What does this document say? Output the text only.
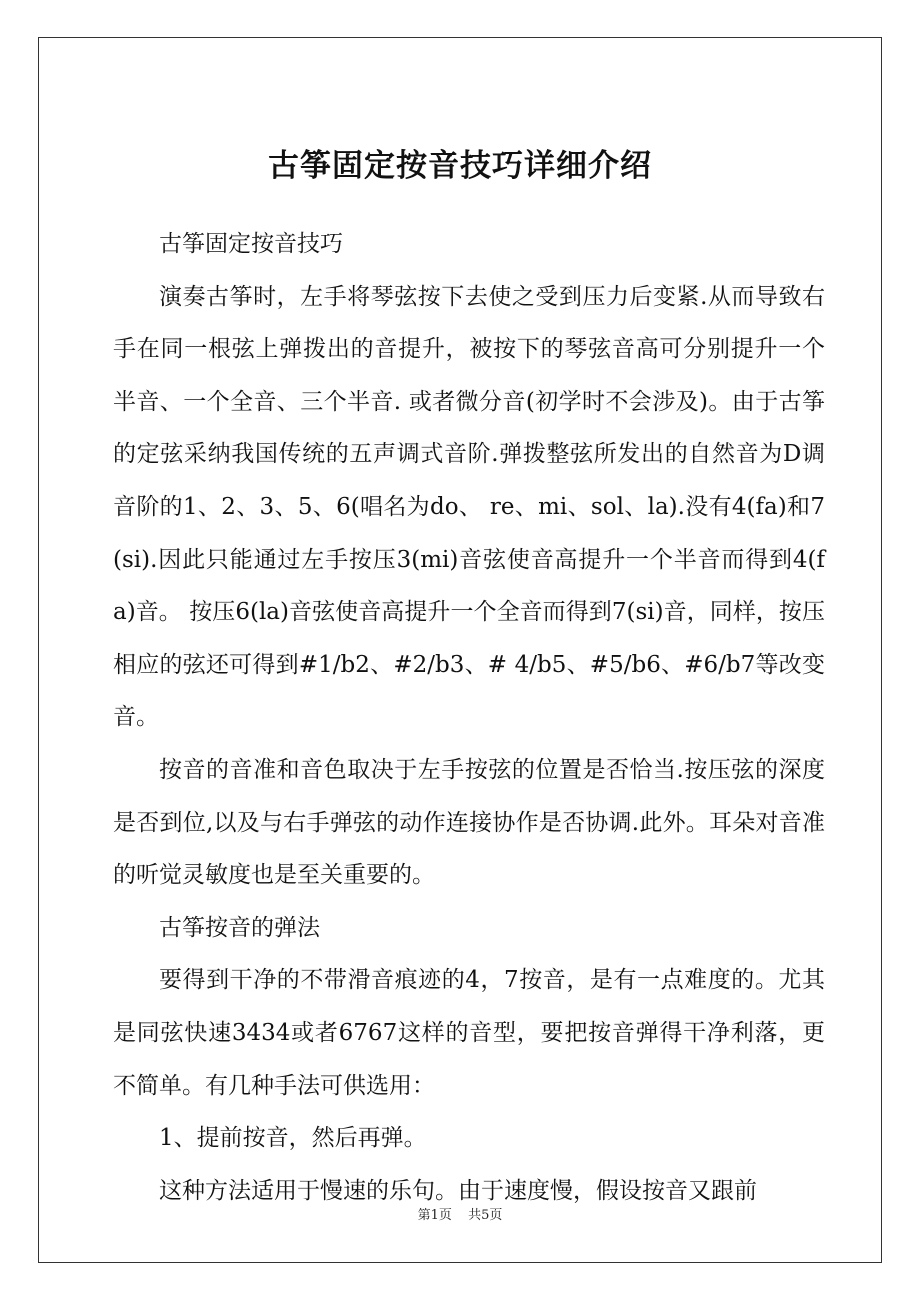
古筝固定按音技巧详细介绍

古筝固定按音技巧

演奏古筝时，左手将琴弦按下去使之受到压力后变紧.从而导致右手在同一根弦上弹拨出的音提升，被按下的琴弦音高可分别提升一个半音、一个全音、三个半音. 或者微分音(初学时不会涉及)。由于古筝的定弦采纳我国传统的五声调式音阶.弹拨整弦所发出的自然音为D调音阶的1、2、3、5、6(唱名为do、 re、mi、sol、la).没有4(fa)和7(si).因此只能通过左手按压3(mi)音弦使音高提升一个半音而得到4(fa)音。 按压6(la)音弦使音高提升一个全音而得到7(si)音，同样，按压相应的弦还可得到#1/b2、#2/b3、# 4/b5、#5/b6、#6/b7等改变音。

按音的音准和音色取决于左手按弦的位置是否恰当.按压弦的深度是否到位,以及与右手弹弦的动作连接协作是否协调.此外。耳朵对音准的听觉灵敏度也是至关重要的。

古筝按音的弹法

要得到干净的不带滑音痕迹的4，7按音，是有一点难度的。尤其是同弦快速3434或者6767这样的音型，要把按音弹得干净利落，更不简单。有几种手法可供选用：

1、提前按音，然后再弹。

这种方法适用于慢速的乐句。由于速度慢，假设按音又跟前

第1页 共5页
